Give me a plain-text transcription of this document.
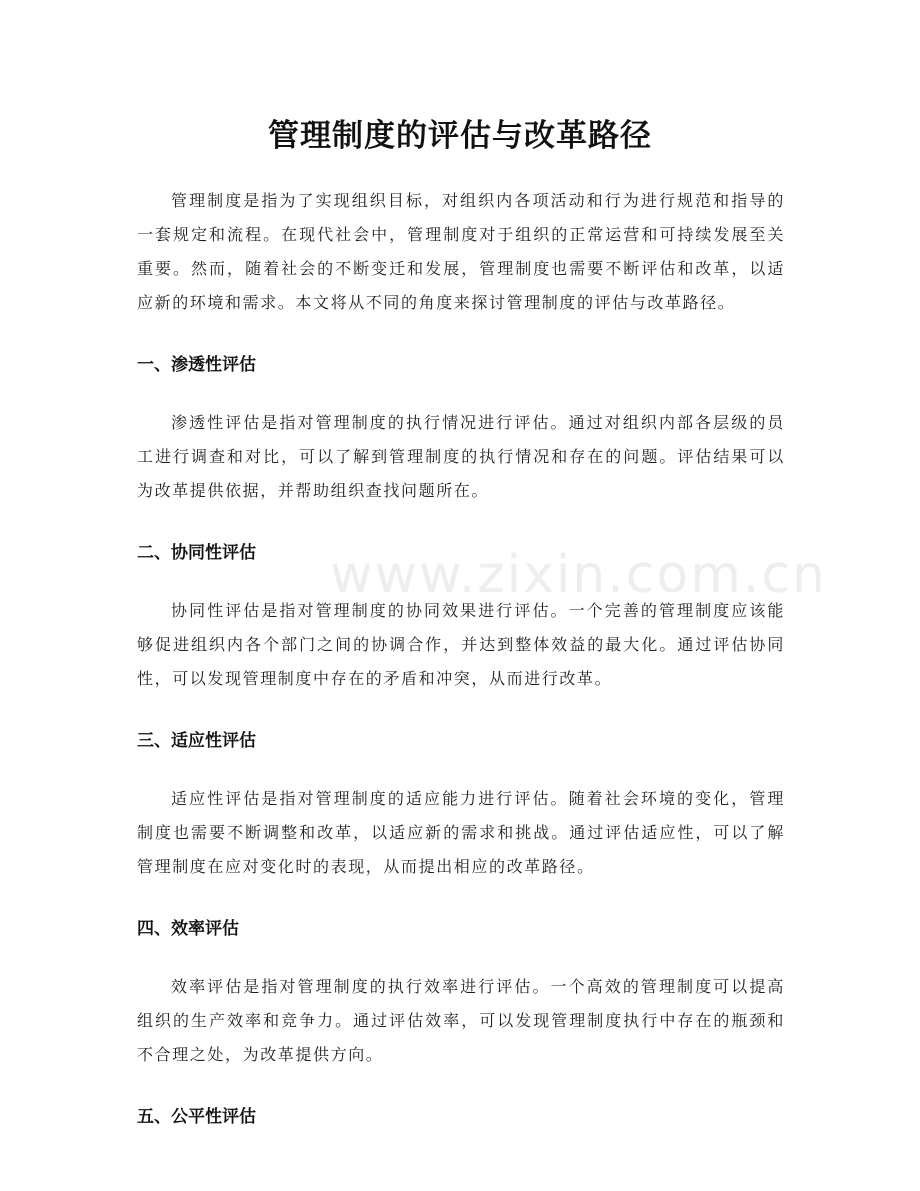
www.zixin.com.cn
管理制度的评估与改革路径

管理制度是指为了实现组织目标，对组织内各项活动和行为进行规范和指导的一套规定和流程。在现代社会中，管理制度对于组织的正常运营和可持续发展至关重要。然而，随着社会的不断变迁和发展，管理制度也需要不断评估和改革，以适应新的环境和需求。本文将从不同的角度来探讨管理制度的评估与改革路径。

一、渗透性评估

渗透性评估是指对管理制度的执行情况进行评估。通过对组织内部各层级的员工进行调查和对比，可以了解到管理制度的执行情况和存在的问题。评估结果可以为改革提供依据，并帮助组织查找问题所在。

二、协同性评估

协同性评估是指对管理制度的协同效果进行评估。一个完善的管理制度应该能够促进组织内各个部门之间的协调合作，并达到整体效益的最大化。通过评估协同性，可以发现管理制度中存在的矛盾和冲突，从而进行改革。

三、适应性评估

适应性评估是指对管理制度的适应能力进行评估。随着社会环境的变化，管理制度也需要不断调整和改革，以适应新的需求和挑战。通过评估适应性，可以了解管理制度在应对变化时的表现，从而提出相应的改革路径。

四、效率评估

效率评估是指对管理制度的执行效率进行评估。一个高效的管理制度可以提高组织的生产效率和竞争力。通过评估效率，可以发现管理制度执行中存在的瓶颈和不合理之处，为改革提供方向。

五、公平性评估
